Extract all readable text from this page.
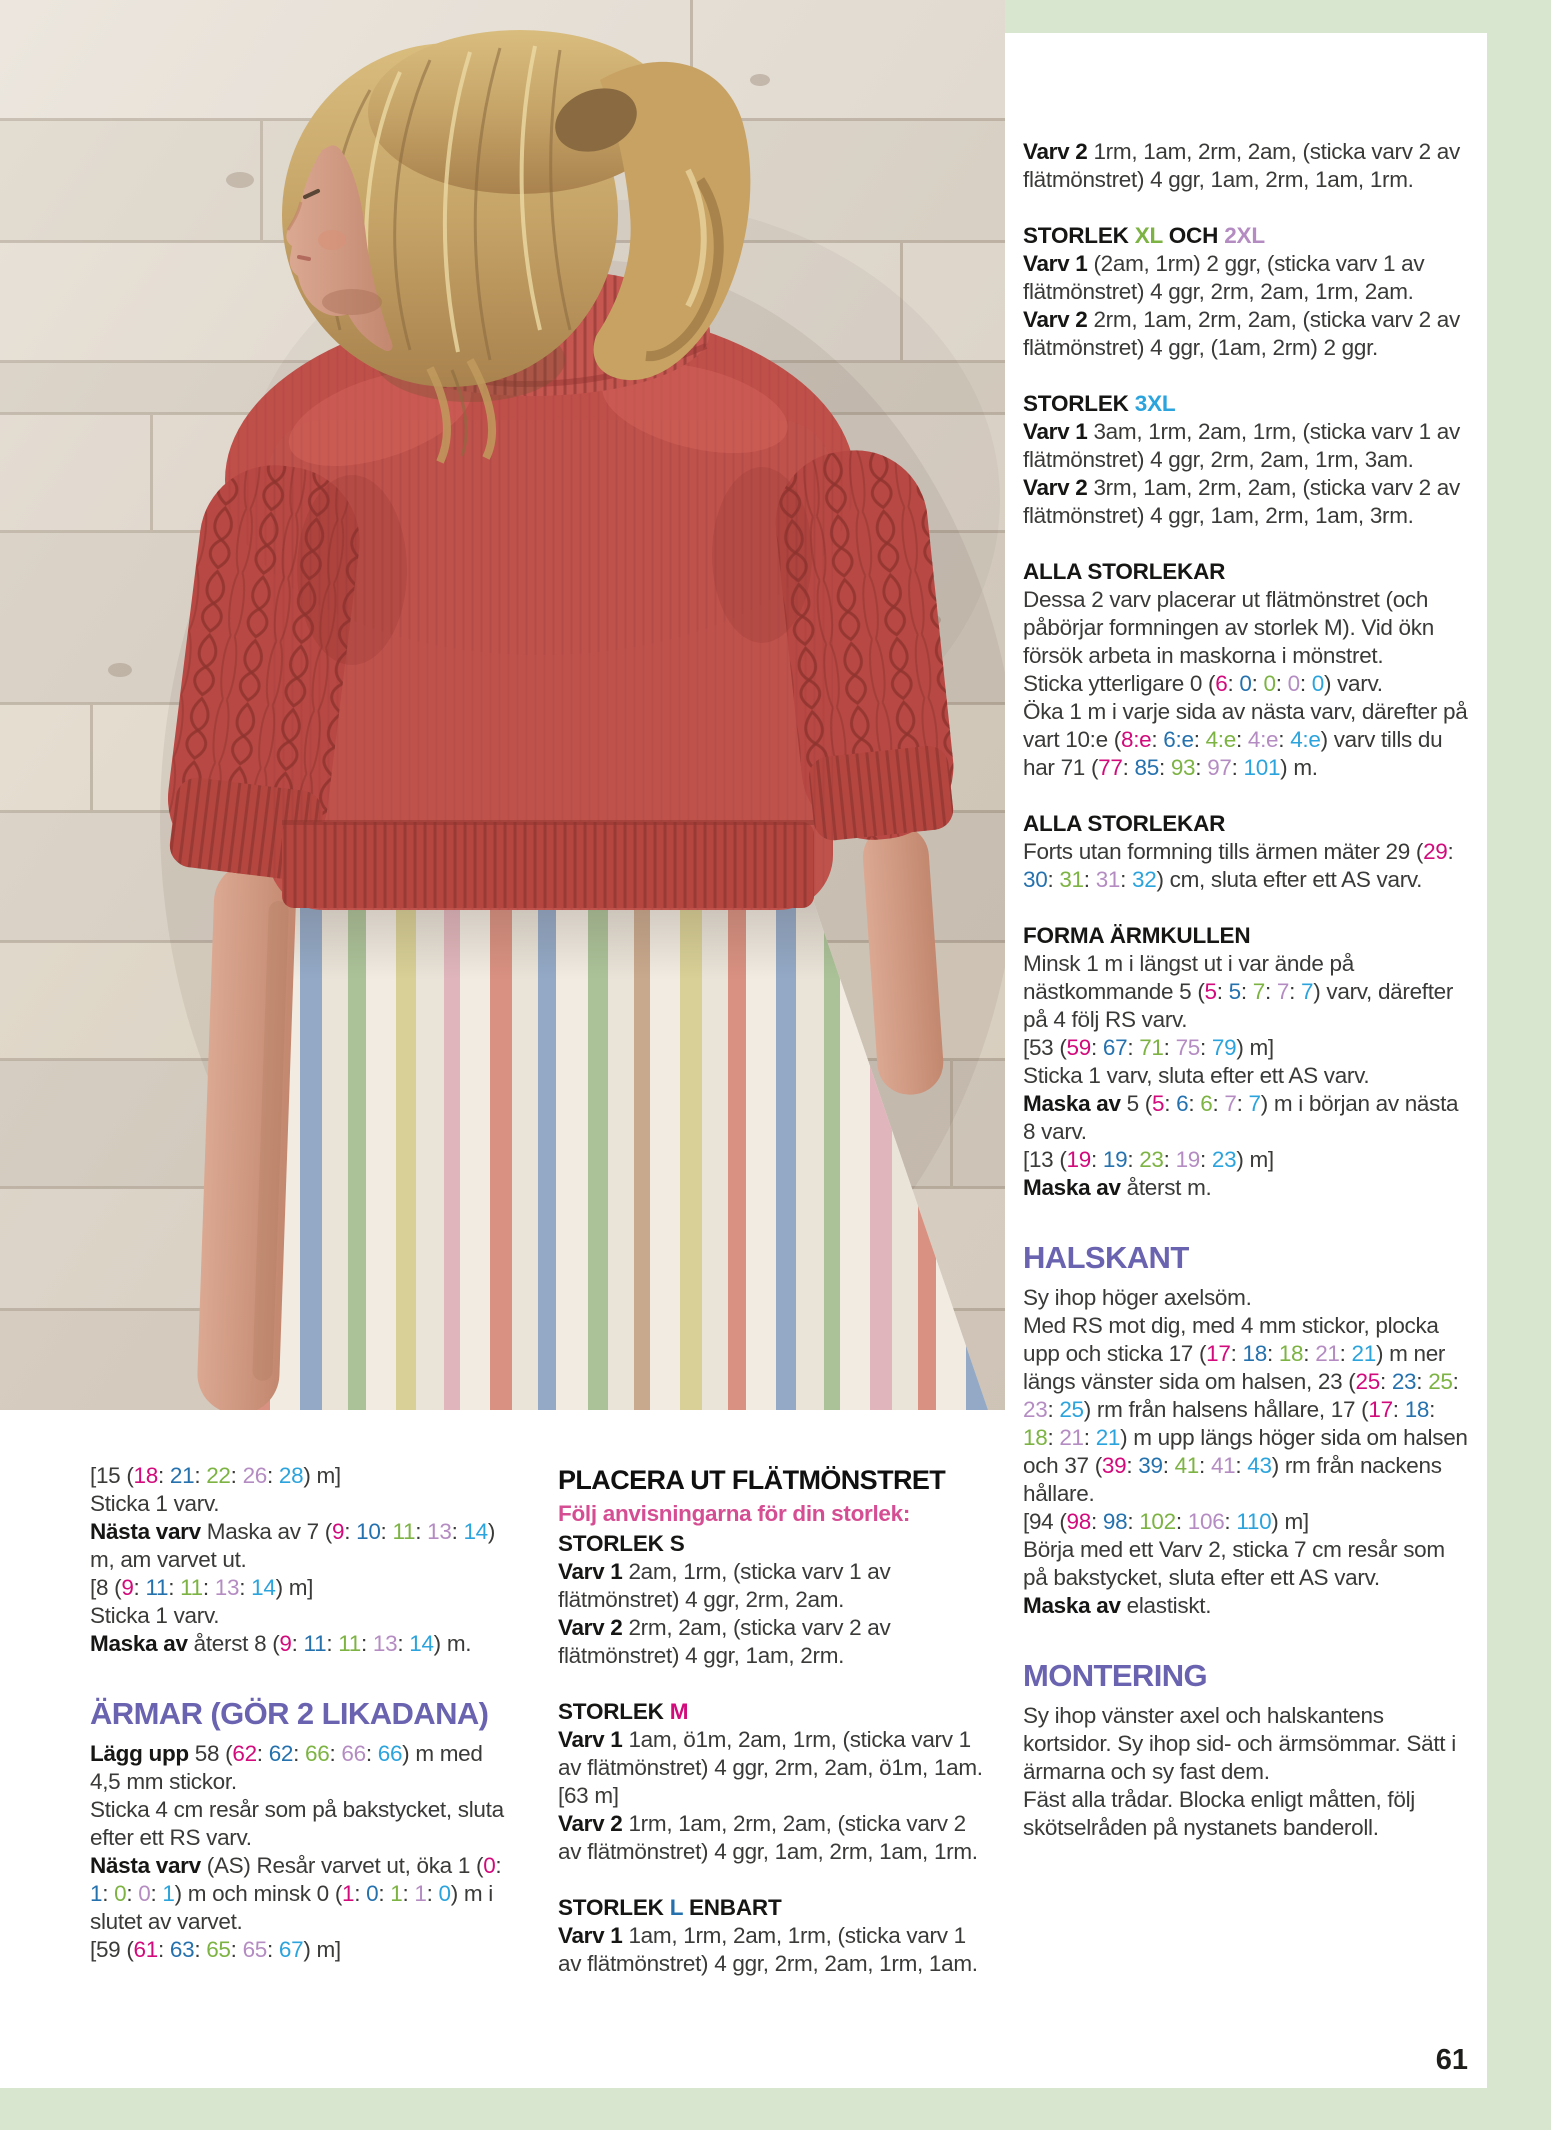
[15 (18: 21: 22: 26: 28) m]

Sticka 1 varv.

Nästa varv Maska av 7 (9: 10: 11: 13: 14) m, am varvet ut.

[8 (9: 11: 11: 13: 14) m]

Sticka 1 varv.

Maska av återst 8 (9: 11: 11: 13: 14) m.

ÄRMAR (GÖR 2 LIKADANA)

Lägg upp 58 (62: 62: 66: 66: 66) m med 4,5 mm stickor.

Sticka 4 cm resår som på bakstycket, sluta efter ett RS varv.

Nästa varv (AS) Resår varvet ut, öka 1 (0: 1: 0: 0: 1) m och minsk 0 (1: 0: 1: 1: 0) m i slutet av varvet.

[59 (61: 63: 65: 65: 67) m]

PLACERA UT FLÄTMÖNSTRET

Följ anvisningarna för din storlek:

STORLEK S

Varv 1 2am, 1rm, (sticka varv 1 av flätmönstret) 4 ggr, 2rm, 2am.

Varv 2 2rm, 2am, (sticka varv 2 av flätmönstret) 4 ggr, 1am, 2rm.

STORLEK M

Varv 1 1am, ö1m, 2am, 1rm, (sticka varv 1 av flätmönstret) 4 ggr, 2rm, 2am, ö1m, 1am. [63 m]

Varv 2 1rm, 1am, 2rm, 2am, (sticka varv 2 av flätmönstret) 4 ggr, 1am, 2rm, 1am, 1rm.

STORLEK L ENBART

Varv 1 1am, 1rm, 2am, 1rm, (sticka varv 1 av flätmönstret) 4 ggr, 2rm, 2am, 1rm, 1am.

Varv 2 1rm, 1am, 2rm, 2am, (sticka varv 2 av flätmönstret) 4 ggr, 1am, 2rm, 1am, 1rm.

STORLEK XL OCH 2XL

Varv 1 (2am, 1rm) 2 ggr, (sticka varv 1 av flätmönstret) 4 ggr, 2rm, 2am, 1rm, 2am.

Varv 2 2rm, 1am, 2rm, 2am, (sticka varv 2 av flätmönstret) 4 ggr, (1am, 2rm) 2 ggr.

STORLEK 3XL

Varv 1 3am, 1rm, 2am, 1rm, (sticka varv 1 av flätmönstret) 4 ggr, 2rm, 2am, 1rm, 3am.

Varv 2 3rm, 1am, 2rm, 2am, (sticka varv 2 av flätmönstret) 4 ggr, 1am, 2rm, 1am, 3rm.

ALLA STORLEKAR

Dessa 2 varv placerar ut flätmönstret (och påbörjar formningen av storlek M). Vid ökn försök arbeta in maskorna i mönstret.

Sticka ytterligare 0 (6: 0: 0: 0: 0) varv.

Öka 1 m i varje sida av nästa varv, därefter på vart 10:e (8:e: 6:e: 4:e: 4:e: 4:e) varv tills du har 71 (77: 85: 93: 97: 101) m.

ALLA STORLEKAR

Forts utan formning tills ärmen mäter 29 (29: 30: 31: 31: 32) cm, sluta efter ett AS varv.

FORMA ÄRMKULLEN

Minsk 1 m i längst ut i var ände på nästkommande 5 (5: 5: 7: 7: 7) varv, därefter på 4 följ RS varv.

[53 (59: 67: 71: 75: 79) m]

Sticka 1 varv, sluta efter ett AS varv.

Maska av 5 (5: 6: 6: 7: 7) m i början av nästa 8 varv.

[13 (19: 19: 23: 19: 23) m]

Maska av återst m.

HALSKANT

Sy ihop höger axelsöm.

Med RS mot dig, med 4 mm stickor, plocka upp och sticka 17 (17: 18: 18: 21: 21) m ner längs vänster sida om halsen, 23 (25: 23: 25: 23: 25) rm från halsens hållare, 17 (17: 18: 18: 21: 21) m upp längs höger sida om halsen och 37 (39: 39: 41: 41: 43) rm från nackens hållare.

[94 (98: 98: 102: 106: 110) m]

Börja med ett Varv 2, sticka 7 cm resår som på bakstycket, sluta efter ett AS varv.

Maska av elastiskt.

MONTERING

Sy ihop vänster axel och halskantens kortsidor. Sy ihop sid- och ärmsömmar. Sätt i ärmarna och sy fast dem.

Fäst alla trådar. Blocka enligt måtten, följ skötselråden på nystanets banderoll.

61
